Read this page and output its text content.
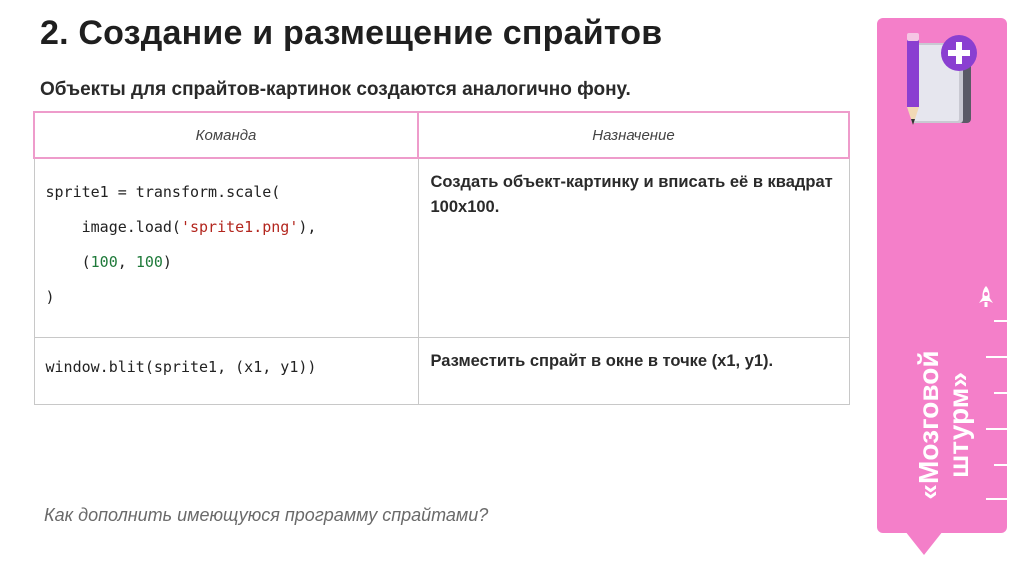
2. Создание и размещение спрайтов

Объекты для спрайтов-картинок создаются аналогично фону.

Команда	Назначение

sprite1 = transform.scale(
image.load('sprite1.png'),
(100, 100)
)	Создать объект-картинку и вписать её в квадрат 100x100.

window.blit(sprite1, (x1, y1))	Разместить спрайт в окне в точке (x1, y1).

Как дополнить имеющуюся программу спрайтами?

«Мозговой штурм»
